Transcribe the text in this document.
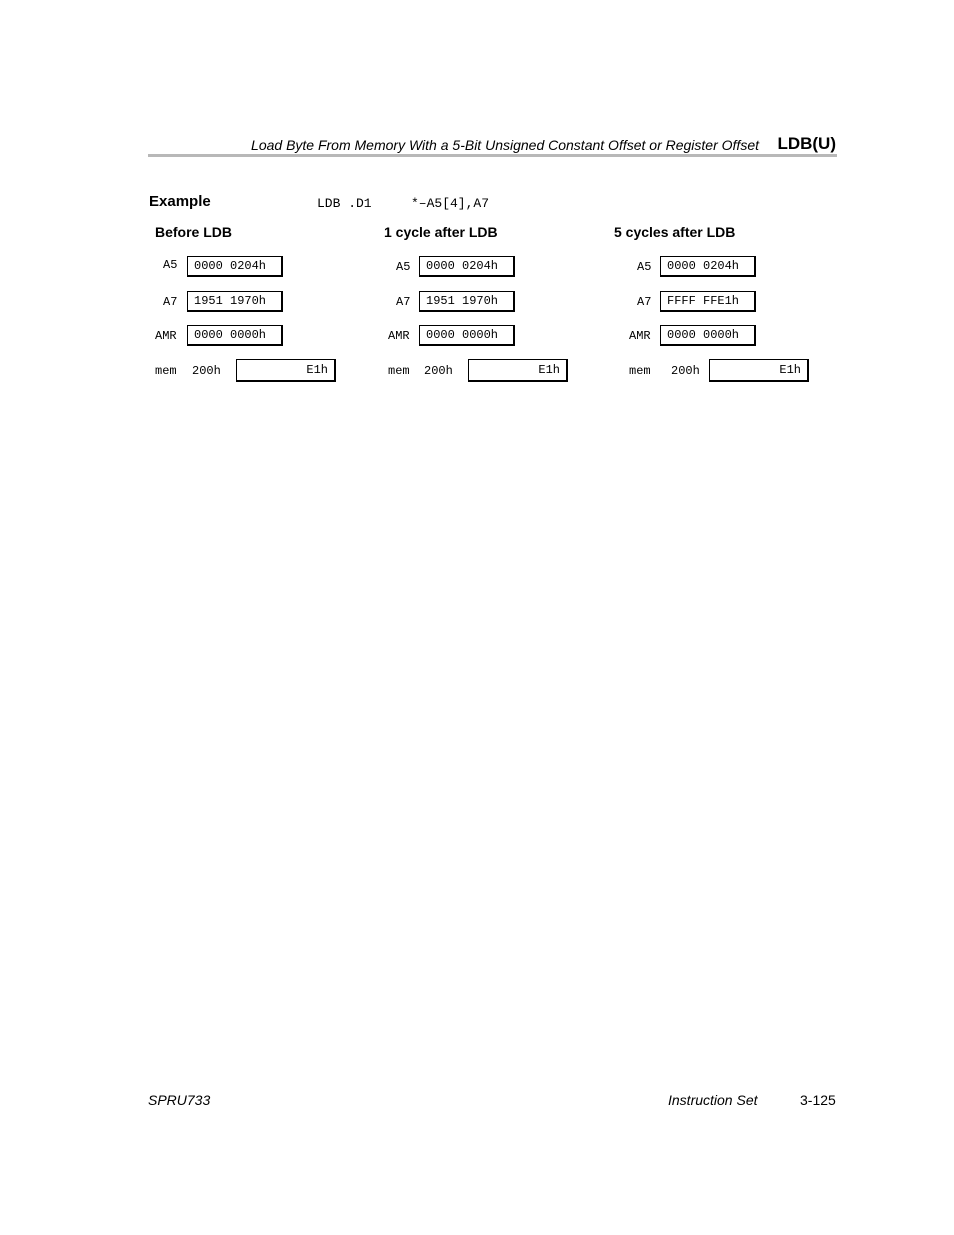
Load Byte From Memory With a 5-Bit Unsigned Constant Offset or Register Offset LDB(U)
Example	LDB .D1	*–A5[4],A7
Before LDB
A5	0000 0204h
A7	1951 1970h
AMR	0000 0000h
mem 200h	E1h
1 cycle after LDB
A5	0000 0204h
A7	1951 1970h
AMR	0000 0000h
mem 200h	E1h
5 cycles after LDB
A5	0000 0204h
A7	FFFF FFE1h
AMR	0000 0000h
mem 200h	E1h
SPRU733	Instruction Set	3-125
